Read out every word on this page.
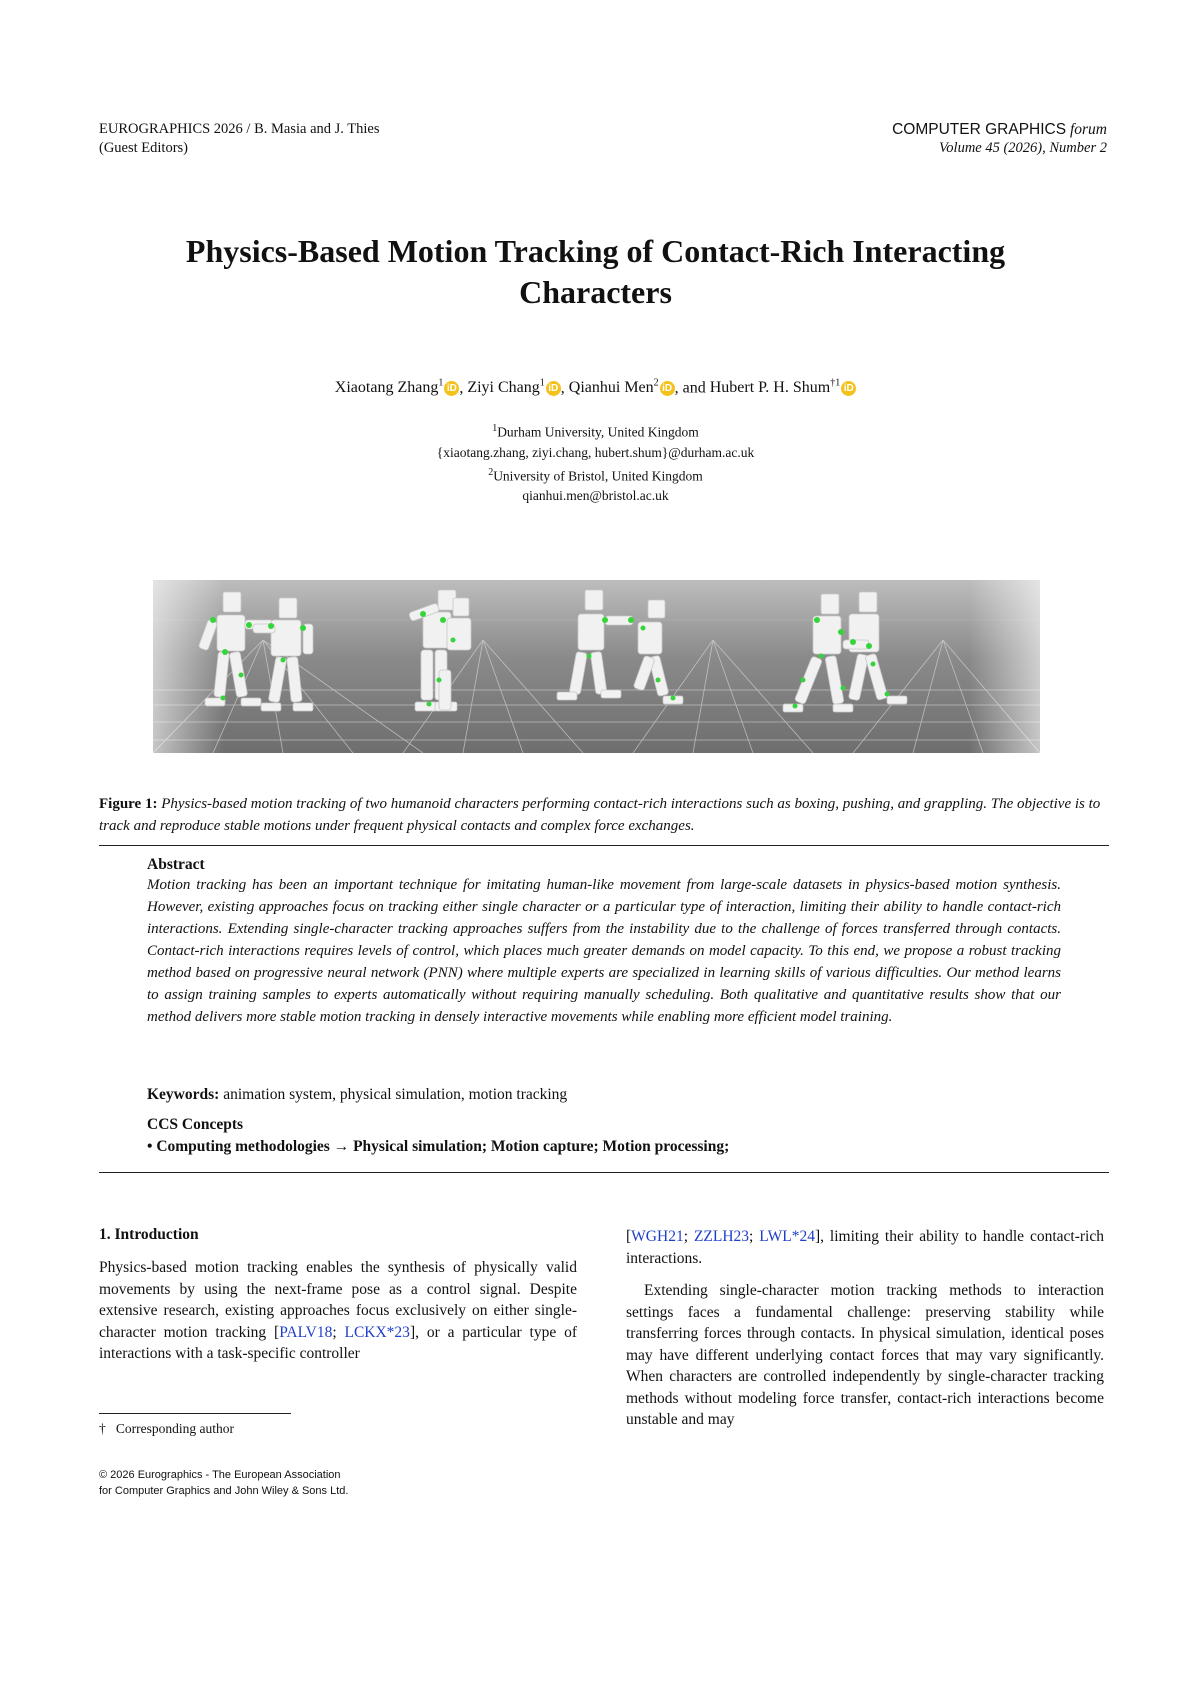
EUROGRAPHICS 2026 / B. Masia and J. Thies
(Guest Editors)
COMPUTER GRAPHICS forum
Volume 45 (2026), Number 2
Physics-Based Motion Tracking of Contact-Rich Interacting Characters
Xiaotang Zhang$^1$ iD , Ziyi Chang$^1$ iD , Qianhui Men$^2$ iD , and Hubert P. H. Shum$^{\dagger 1}$ iD
$^1$Durham University, United Kingdom
{xiaotang.zhang, ziyi.chang, hubert.shum}@durham.ac.uk
$^2$University of Bristol, United Kingdom
qianhui.men@bristol.ac.uk
Figure 1: Physics-based motion tracking of two humanoid characters performing contact-rich interactions such as boxing, pushing, and grappling. The objective is to track and reproduce stable motions under frequent physical contacts and complex force exchanges.
Abstract
Motion tracking has been an important technique for imitating human-like movement from large-scale datasets in physics-based motion synthesis. However, existing approaches focus on tracking either single character or a particular type of interaction, limiting their ability to handle contact-rich interactions. Extending single-character tracking approaches suffers from the instability due to the challenge of forces transferred through contacts. Contact-rich interactions requires levels of control, which places much greater demands on model capacity. To this end, we propose a robust tracking method based on progressive neural network (PNN) where multiple experts are specialized in learning skills of various difficulties. Our method learns to assign training samples to experts automatically without requiring manually scheduling. Both qualitative and quantitative results show that our method delivers more stable motion tracking in densely interactive movements while enabling more efficient model training.
Keywords: animation system, physical simulation, motion tracking
CCS Concepts
• Computing methodologies → Physical simulation; Motion capture; Motion processing;
1. Introduction
Physics-based motion tracking enables the synthesis of physically valid movements by using the next-frame pose as a control signal. Despite extensive research, existing approaches focus exclusively on either single-character motion tracking [PALV18; LCKX*23], or a particular type of interactions with a task-specific controller
[WGH21; ZZLH23; LWL*24], limiting their ability to handle contact-rich interactions.
Extending single-character motion tracking methods to interaction settings faces a fundamental challenge: preserving stability while transferring forces through contacts. In physical simulation, identical poses may have different underlying contact forces that may vary significantly. When characters are controlled independently by single-character tracking methods without modeling force transfer, contact-rich interactions become unstable and may
† Corresponding author
© 2026 Eurographics - The European Association
for Computer Graphics and John Wiley & Sons Ltd.
